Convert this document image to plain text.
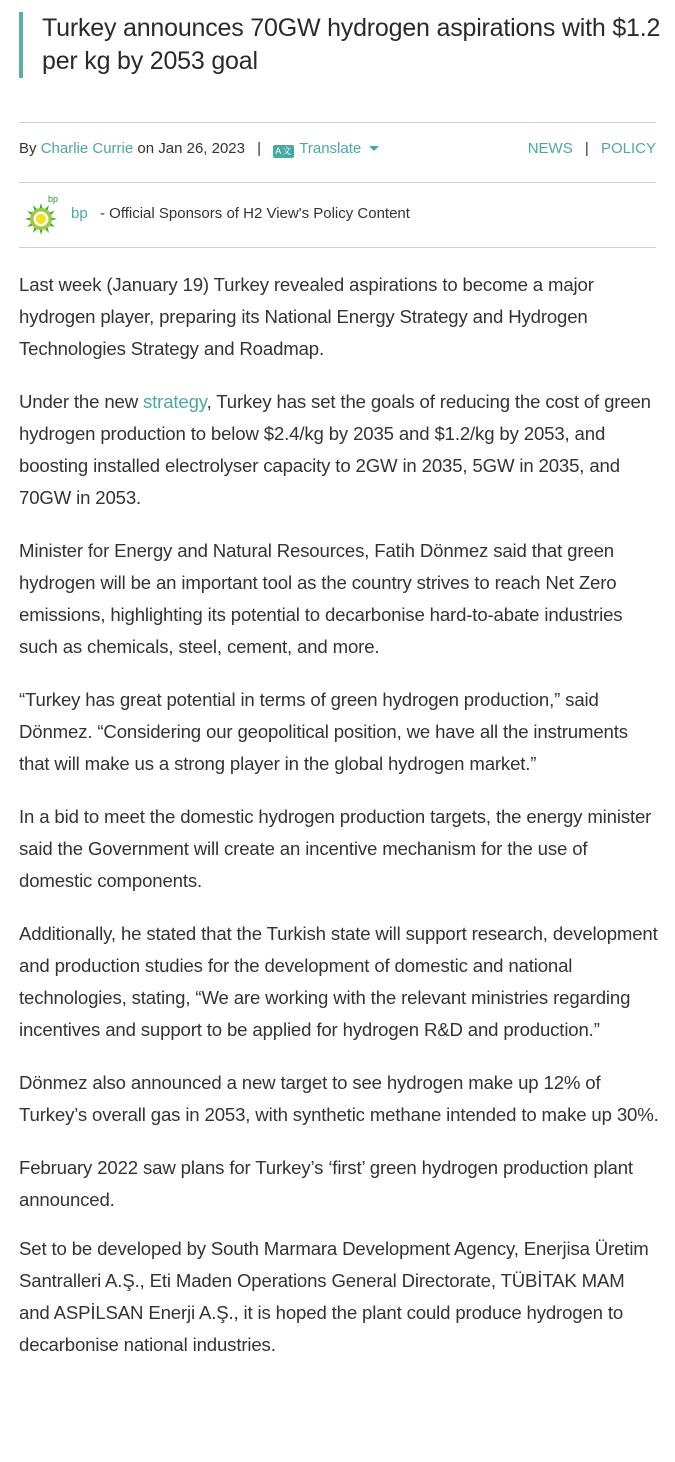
Turkey announces 70GW hydrogen aspirations with $1.2 per kg by 2053 goal
By Charlie Currie on Jan 26, 2023 | A文 Translate	NEWS | POLICY
bp
bp - Official Sponsors of H2 View's Policy Content

Last week (January 19) Turkey revealed aspirations to become a major hydrogen player, preparing its National Energy Strategy and Hydrogen Technologies Strategy and Roadmap.

Under the new strategy, Turkey has set the goals of reducing the cost of green hydrogen production to below $2.4/kg by 2035 and $1.2/kg by 2053, and boosting installed electrolyser capacity to 2GW in 2035, 5GW in 2035, and 70GW in 2053.

Minister for Energy and Natural Resources, Fatih Dönmez said that green hydrogen will be an important tool as the country strives to reach Net Zero emissions, highlighting its potential to decarbonise hard-to-abate industries such as chemicals, steel, cement, and more.

“Turkey has great potential in terms of green hydrogen production,” said Dönmez. “Considering our geopolitical position, we have all the instruments that will make us a strong player in the global hydrogen market.”

In a bid to meet the domestic hydrogen production targets, the energy minister said the Government will create an incentive mechanism for the use of domestic components.

Additionally, he stated that the Turkish state will support research, development and production studies for the development of domestic and national technologies, stating, “We are working with the relevant ministries regarding incentives and support to be applied for hydrogen R&D and production.”

Dönmez also announced a new target to see hydrogen make up 12% of Turkey’s overall gas in 2053, with synthetic methane intended to make up 30%.

February 2022 saw plans for Turkey’s ‘first’ green hydrogen production plant announced.

Set to be developed by South Marmara Development Agency, Enerjisa Üretim Santralleri A.Ş., Eti Maden Operations General Directorate, TÜBİTAK MAM and ASPİLSAN Enerji A.Ş., it is hoped the plant could produce hydrogen to decarbonise national industries.
